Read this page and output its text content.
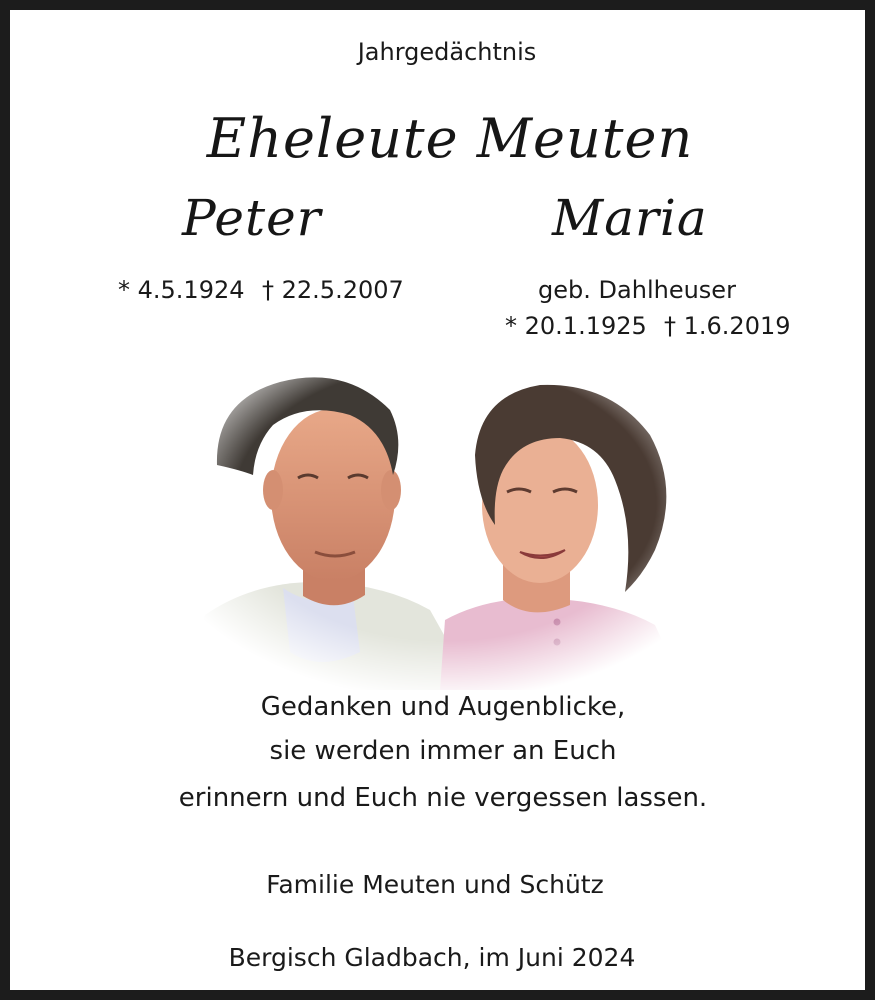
Jahrgedächtnis
Eheleute Meuten
Peter	Maria
* 4.5.1924 † 22.5.2007	geb. Dahlheuser
* 20.1.1925 † 1.6.2019
Gedanken und Augenblicke,
sie werden immer an Euch
erinnern und Euch nie vergessen lassen.
Familie Meuten und Schütz
Bergisch Gladbach, im Juni 2024
